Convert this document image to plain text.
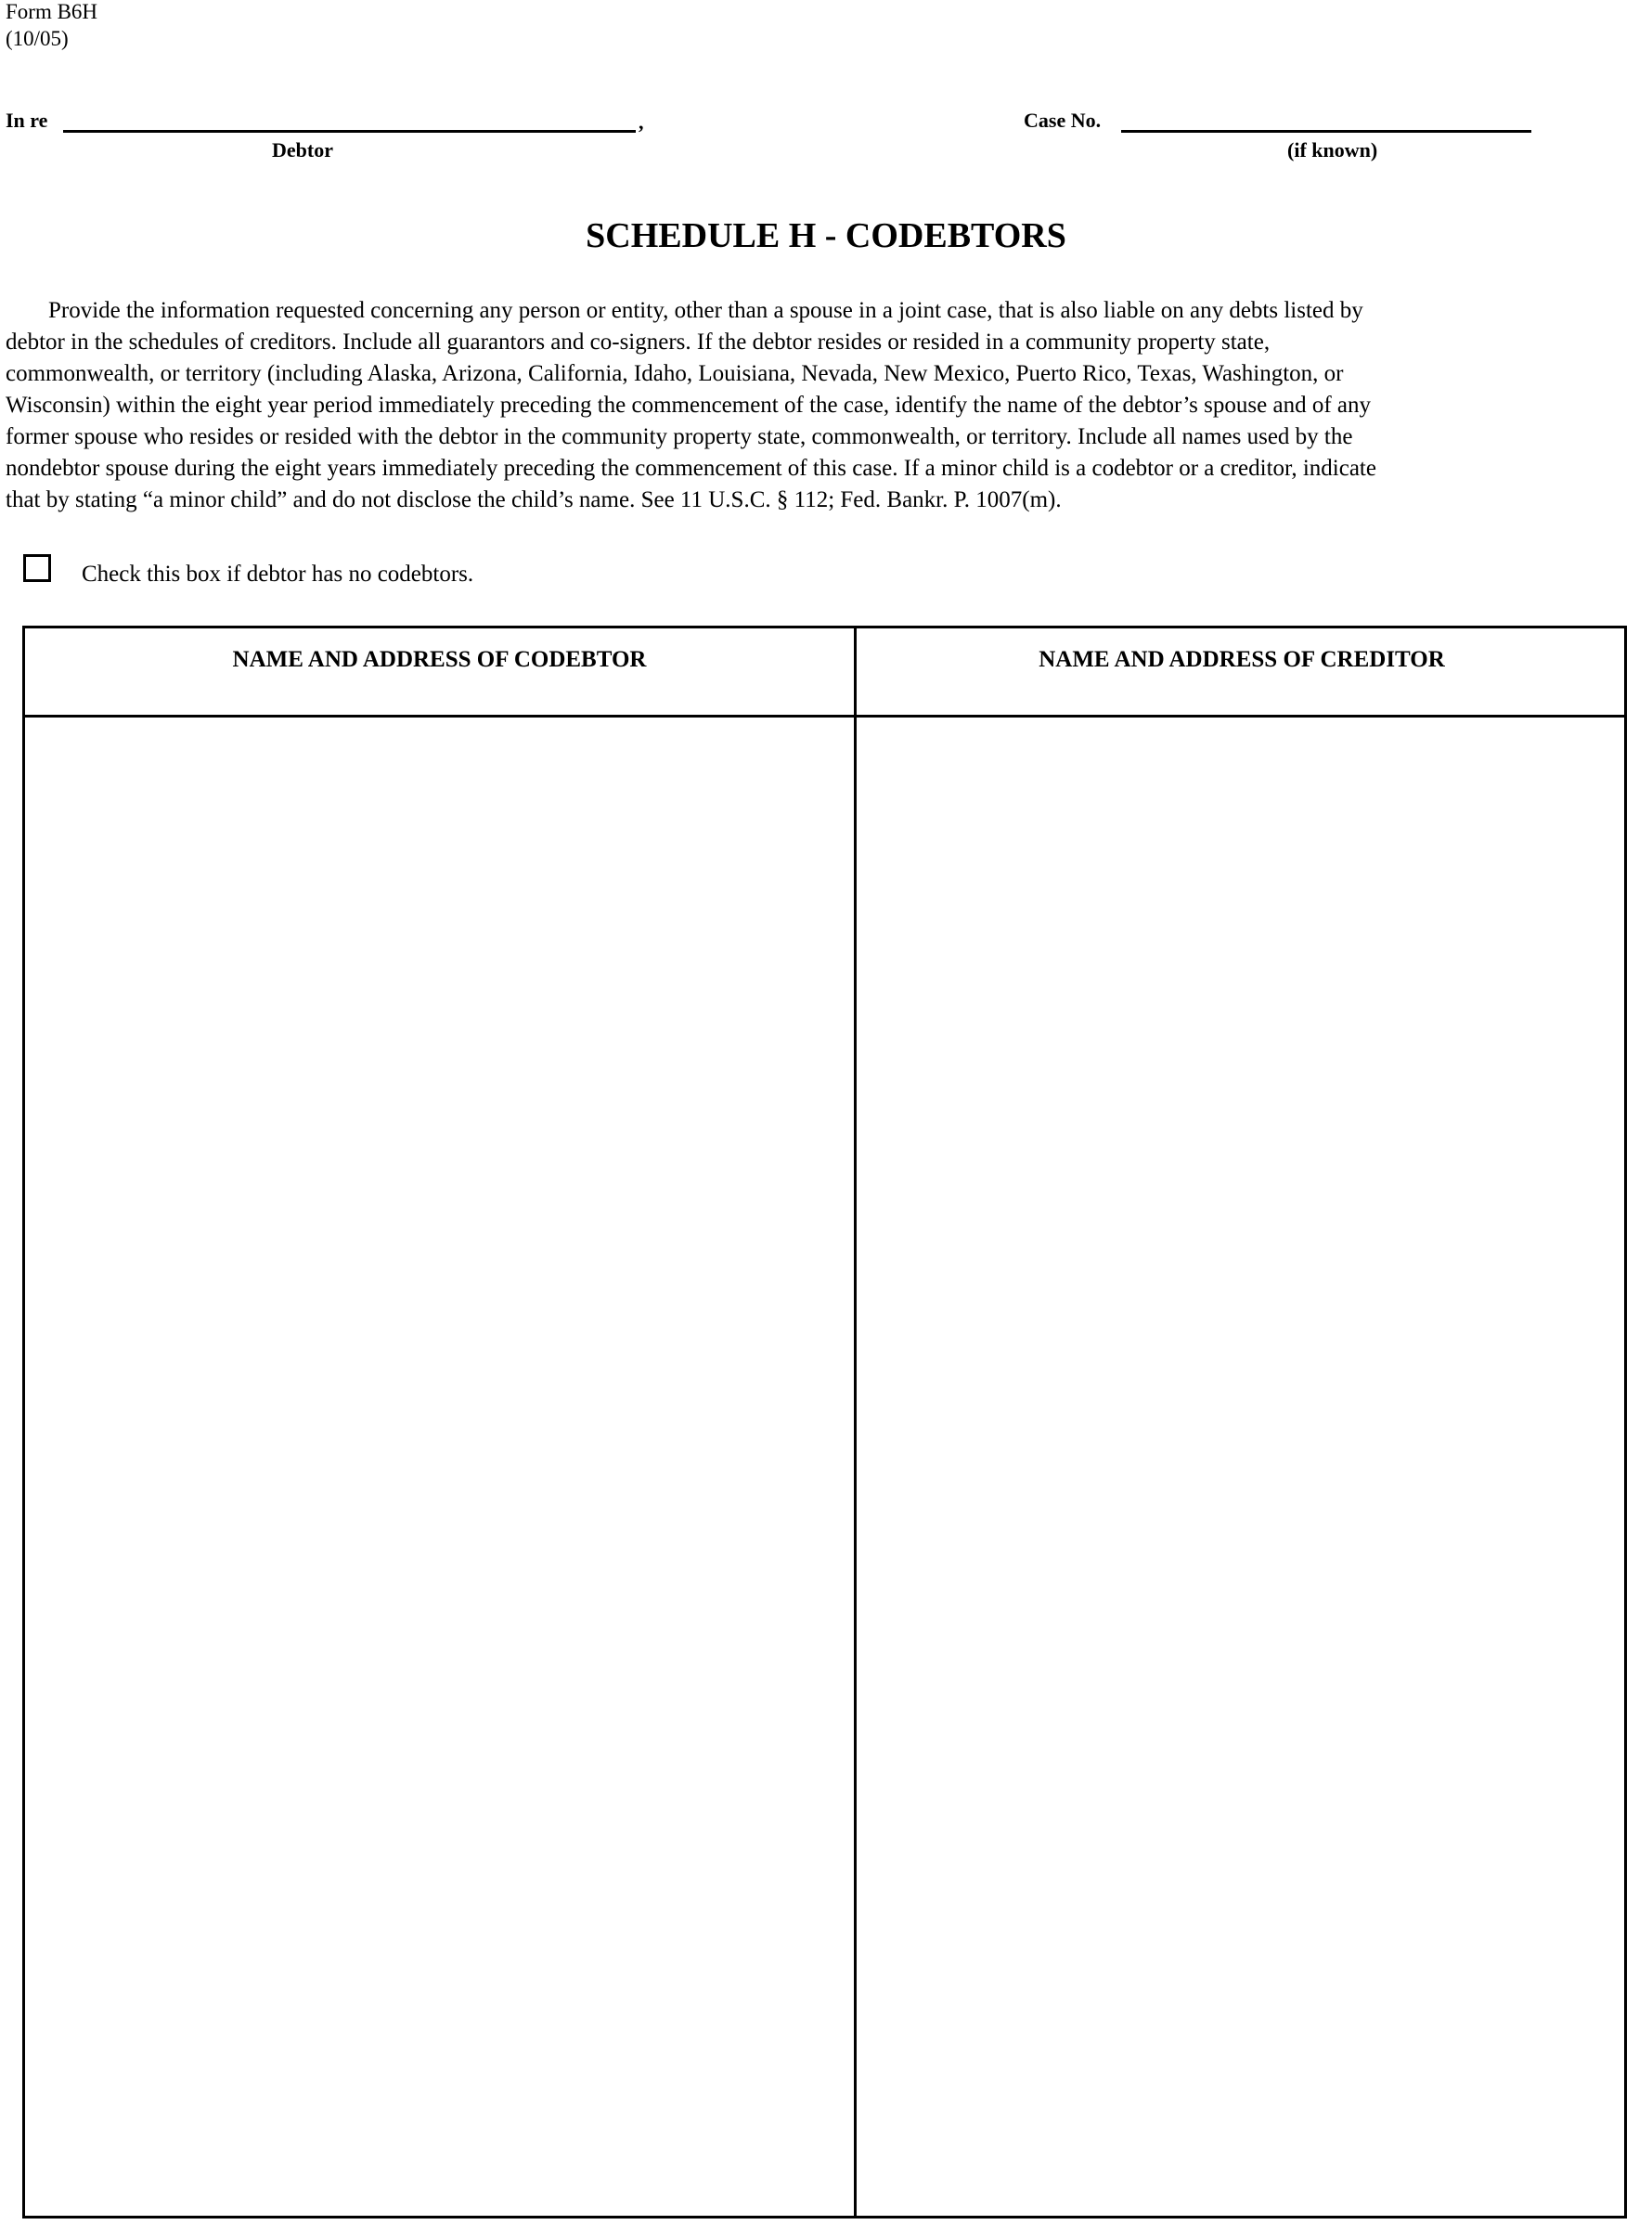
Form B6H
(10/05)
In re	,
Debtor
Case No.
(if known)
SCHEDULE H - CODEBTORS
Provide the information requested concerning any person or entity, other than a spouse in a joint case, that is also liable on any debts listed by
debtor in the schedules of creditors. Include all guarantors and co-signers. If the debtor resides or resided in a community property state,
commonwealth, or territory (including Alaska, Arizona, California, Idaho, Louisiana, Nevada, New Mexico, Puerto Rico, Texas, Washington, or
Wisconsin) within the eight year period immediately preceding the commencement of the case, identify the name of the debtor’s spouse and of any
former spouse who resides or resided with the debtor in the community property state, commonwealth, or territory. Include all names used by the
nondebtor spouse during the eight years immediately preceding the commencement of this case. If a minor child is a codebtor or a creditor, indicate
that by stating “a minor child” and do not disclose the child’s name. See 11 U.S.C. § 112; Fed. Bankr. P. 1007(m).
Check this box if debtor has no codebtors.
NAME AND ADDRESS OF CODEBTOR	NAME AND ADDRESS OF CREDITOR
